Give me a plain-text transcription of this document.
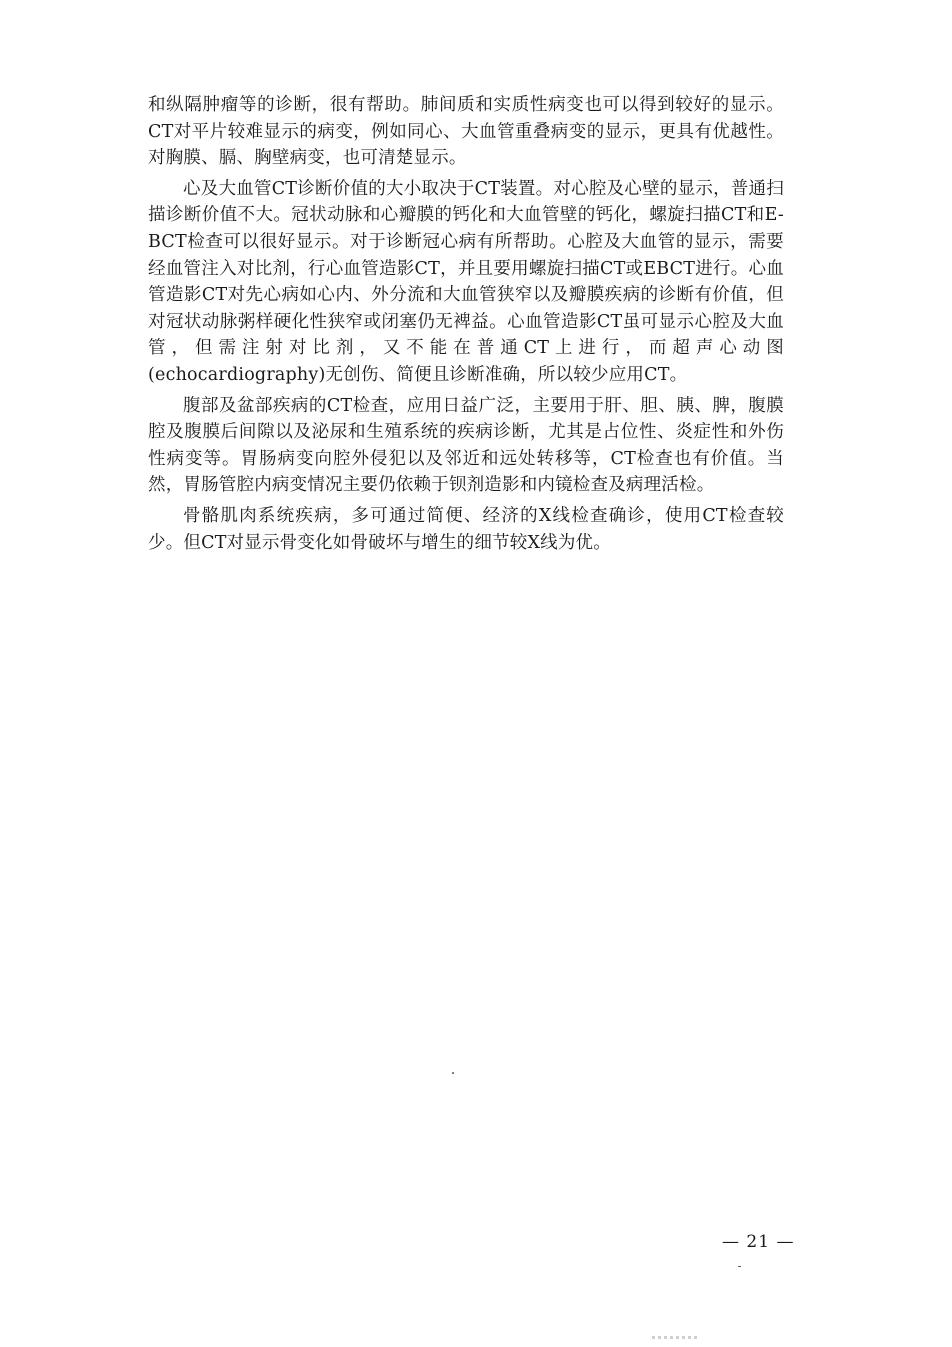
和纵隔肿瘤等的诊断，很有帮助。肺间质和实质性病变也可以得到较好的显示。CT对平片较难显示的病变，例如同心、大血管重叠病变的显示，更具有优越性。对胸膜、膈、胸壁病变，也可清楚显示。

心及大血管CT诊断价值的大小取决于CT装置。对心腔及心壁的显示，普通扫描诊断价值不大。冠状动脉和心瓣膜的钙化和大血管壁的钙化，螺旋扫描CT和E-BCT检查可以很好显示。对于诊断冠心病有所帮助。心腔及大血管的显示，需要经血管注入对比剂，行心血管造影CT，并且要用螺旋扫描CT或EBCT进行。心血管造影CT对先心病如心内、外分流和大血管狭窄以及瓣膜疾病的诊断有价值，但对冠状动脉粥样硬化性狭窄或闭塞仍无裨益。心血管造影CT虽可显示心腔及大血管，但需注射对比剂，又不能在普通CT上进行，而超声心动图(echocardiography)无创伤、简便且诊断准确，所以较少应用CT。

腹部及盆部疾病的CT检查，应用日益广泛，主要用于肝、胆、胰、脾，腹膜腔及腹膜后间隙以及泌尿和生殖系统的疾病诊断，尤其是占位性、炎症性和外伤性病变等。胃肠病变向腔外侵犯以及邻近和远处转移等，CT检查也有价值。当然，胃肠管腔内病变情况主要仍依赖于钡剂造影和内镜检查及病理活检。

骨骼肌肉系统疾病，多可通过简便、经济的X线检查确诊，使用CT检查较少。但CT对显示骨变化如骨破坏与增生的细节较X线为优。

— 21 —
